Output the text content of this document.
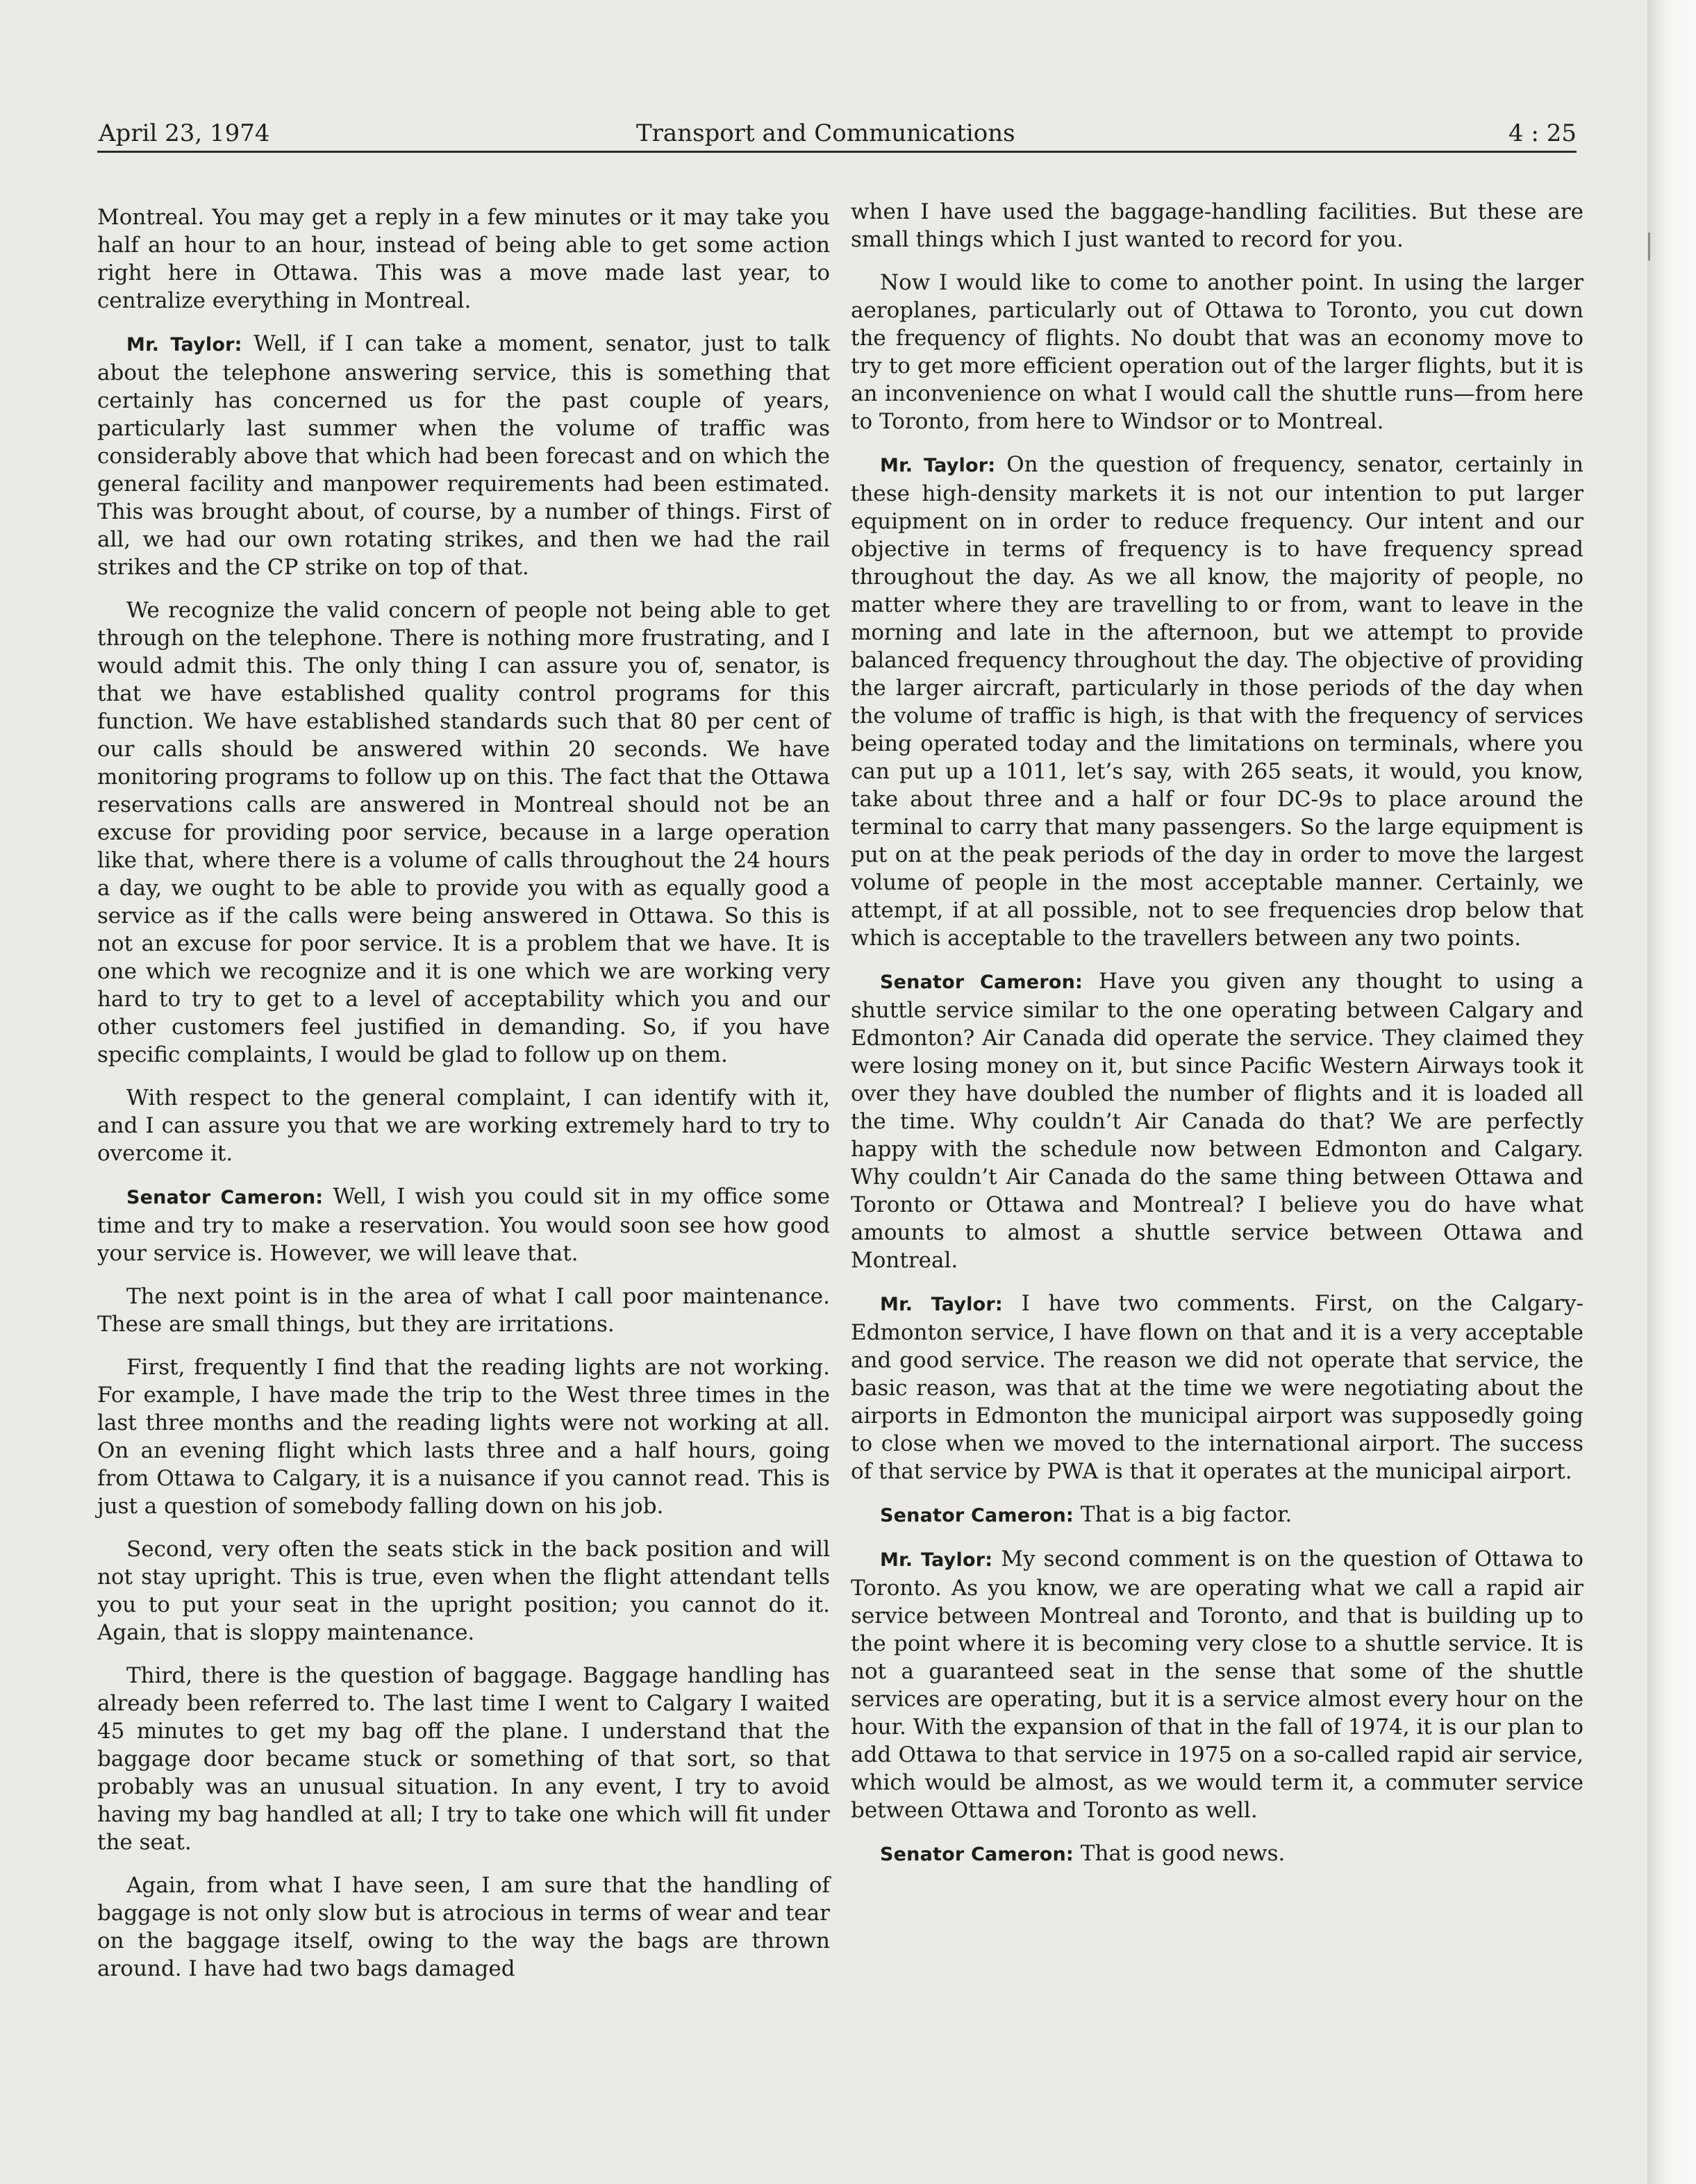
April 23, 1974	Transport and Communications	4 : 25

Montreal. You may get a reply in a few minutes or it may take you half an hour to an hour, instead of being able to get some action right here in Ottawa. This was a move made last year, to centralize everything in Montreal.

Mr. Taylor: Well, if I can take a moment, senator, just to talk about the telephone answering service, this is something that certainly has concerned us for the past couple of years, particularly last summer when the volume of traffic was considerably above that which had been forecast and on which the general facility and manpower requirements had been estimated. This was brought about, of course, by a number of things. First of all, we had our own rotating strikes, and then we had the rail strikes and the CP strike on top of that.

We recognize the valid concern of people not being able to get through on the telephone. There is nothing more frustrating, and I would admit this. The only thing I can assure you of, senator, is that we have established quality control programs for this function. We have established standards such that 80 per cent of our calls should be answered within 20 seconds. We have monitoring programs to follow up on this. The fact that the Ottawa reservations calls are answered in Montreal should not be an excuse for providing poor service, because in a large operation like that, where there is a volume of calls throughout the 24 hours a day, we ought to be able to provide you with as equally good a service as if the calls were being answered in Ottawa. So this is not an excuse for poor service. It is a problem that we have. It is one which we recognize and it is one which we are working very hard to try to get to a level of acceptability which you and our other customers feel justified in demanding. So, if you have specific complaints, I would be glad to follow up on them.

With respect to the general complaint, I can identify with it, and I can assure you that we are working extremely hard to try to overcome it.

Senator Cameron: Well, I wish you could sit in my office some time and try to make a reservation. You would soon see how good your service is. However, we will leave that.

The next point is in the area of what I call poor maintenance. These are small things, but they are irritations.

First, frequently I find that the reading lights are not working. For example, I have made the trip to the West three times in the last three months and the reading lights were not working at all. On an evening flight which lasts three and a half hours, going from Ottawa to Calgary, it is a nuisance if you cannot read. This is just a question of somebody falling down on his job.

Second, very often the seats stick in the back position and will not stay upright. This is true, even when the flight attendant tells you to put your seat in the upright position; you cannot do it. Again, that is sloppy maintenance.

Third, there is the question of baggage. Baggage handling has already been referred to. The last time I went to Calgary I waited 45 minutes to get my bag off the plane. I understand that the baggage door became stuck or something of that sort, so that probably was an unusual situation. In any event, I try to avoid having my bag handled at all; I try to take one which will fit under the seat.

Again, from what I have seen, I am sure that the handling of baggage is not only slow but is atrocious in terms of wear and tear on the baggage itself, owing to the way the bags are thrown around. I have had two bags damaged

when I have used the baggage-handling facilities. But these are small things which I just wanted to record for you.

Now I would like to come to another point. In using the larger aeroplanes, particularly out of Ottawa to Toronto, you cut down the frequency of flights. No doubt that was an economy move to try to get more efficient operation out of the larger flights, but it is an inconvenience on what I would call the shuttle runs—from here to Toronto, from here to Windsor or to Montreal.

Mr. Taylor: On the question of frequency, senator, certainly in these high-density markets it is not our intention to put larger equipment on in order to reduce frequency. Our intent and our objective in terms of frequency is to have frequency spread throughout the day. As we all know, the majority of people, no matter where they are travelling to or from, want to leave in the morning and late in the afternoon, but we attempt to provide balanced frequency throughout the day. The objective of providing the larger aircraft, particularly in those periods of the day when the volume of traffic is high, is that with the frequency of services being operated today and the limitations on terminals, where you can put up a 1011, let’s say, with 265 seats, it would, you know, take about three and a half or four DC-9s to place around the terminal to carry that many passengers. So the large equipment is put on at the peak periods of the day in order to move the largest volume of people in the most acceptable manner. Certainly, we attempt, if at all possible, not to see frequencies drop below that which is acceptable to the travellers between any two points.

Senator Cameron: Have you given any thought to using a shuttle service similar to the one operating between Calgary and Edmonton? Air Canada did operate the service. They claimed they were losing money on it, but since Pacific Western Airways took it over they have doubled the number of flights and it is loaded all the time. Why couldn’t Air Canada do that? We are perfectly happy with the schedule now between Edmonton and Calgary. Why couldn’t Air Canada do the same thing between Ottawa and Toronto or Ottawa and Montreal? I believe you do have what amounts to almost a shuttle service between Ottawa and Montreal.

Mr. Taylor: I have two comments. First, on the Calgary-Edmonton service, I have flown on that and it is a very acceptable and good service. The reason we did not operate that service, the basic reason, was that at the time we were negotiating about the airports in Edmonton the municipal airport was supposedly going to close when we moved to the international airport. The success of that service by PWA is that it operates at the municipal airport.

Senator Cameron: That is a big factor.

Mr. Taylor: My second comment is on the question of Ottawa to Toronto. As you know, we are operating what we call a rapid air service between Montreal and Toronto, and that is building up to the point where it is becoming very close to a shuttle service. It is not a guaranteed seat in the sense that some of the shuttle services are operating, but it is a service almost every hour on the hour. With the expansion of that in the fall of 1974, it is our plan to add Ottawa to that service in 1975 on a so-called rapid air service, which would be almost, as we would term it, a commuter service between Ottawa and Toronto as well.

Senator Cameron: That is good news.
